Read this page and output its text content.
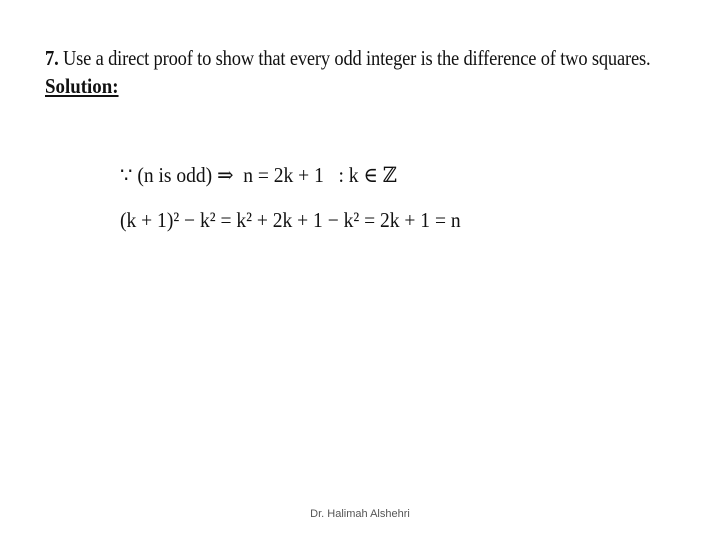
7. Use a direct proof to show that every odd integer is the difference of two squares.
Solution:
∵ (n is odd) ⇒ n = 2k + 1 : k ∈ ℤ
(k + 1)² − k² = k² + 2k + 1 − k² = 2k + 1 = n
Dr. Halimah Alshehri
